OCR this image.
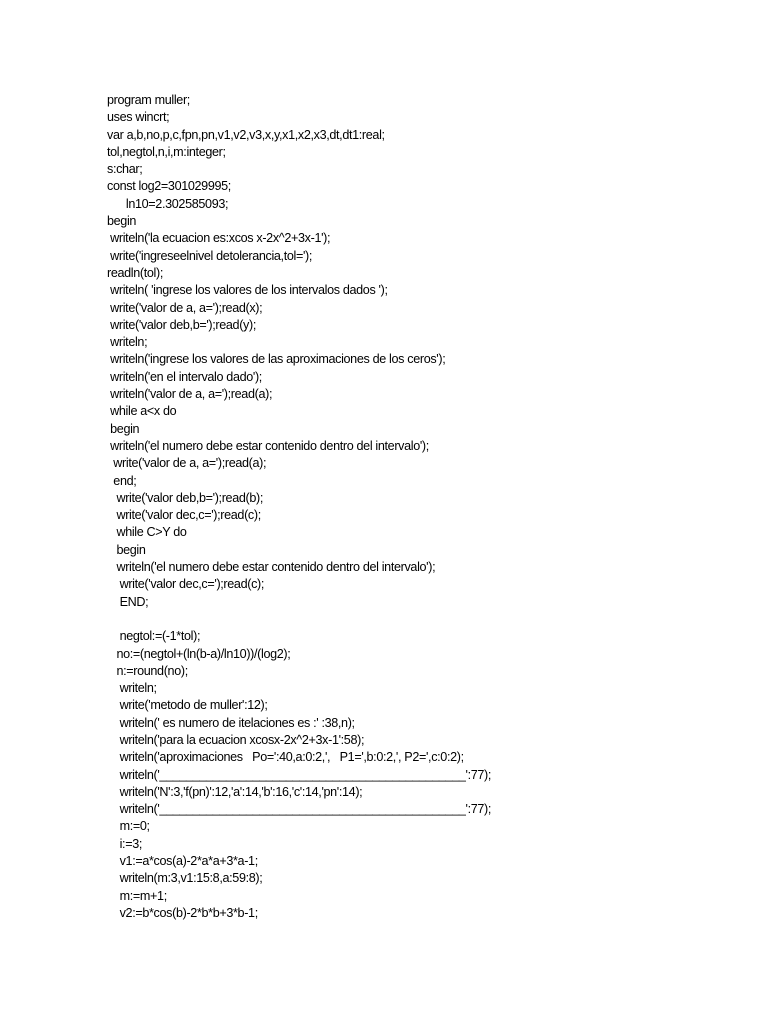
program muller;
uses wincrt;
var a,b,no,p,c,fpn,pn,v1,v2,v3,x,y,x1,x2,x3,dt,dt1:real;
tol,negtol,n,i,m:integer;
s:char;
const log2=301029995;
ln10=2.302585093;
begin
writeln('la ecuacion es:xcos x-2x^2+3x-1');
write('ingreseelnivel detolerancia,tol=');
readln(tol);
writeln( 'ingrese los valores de los intervalos dados ');
write('valor de a, a=');read(x);
write('valor deb,b=');read(y);
writeln;
writeln('ingrese los valores de las aproximaciones de los ceros');
writeln('en el intervalo dado');
writeln('valor de a, a=');read(a);
while a<x do
begin
writeln('el numero debe estar contenido dentro del intervalo');
write('valor de a, a=');read(a);
end;
write('valor deb,b=');read(b);
write('valor dec,c=');read(c);
while C>Y do
begin
writeln('el numero debe estar contenido dentro del intervalo');
write('valor dec,c=');read(c);
END;
negtol:=(-1*tol);
no:=(negtol+(ln(b-a)/ln10))/(log2);
n:=round(no);
writeln;
write('metodo de muller':12);
writeln(' es numero de itelaciones es :' :38,n);
writeln('para la ecuacion xcosx-2x^2+3x-1':58);
writeln('aproximaciones   Po=':40,a:0:2,',   P1=',b:0:2,', P2=',c:0:2);
writeln('______________________________________________':77);
writeln('N':3,'f(pn)':12,'a':14,'b':16,'c':14,'pn':14);
writeln('______________________________________________':77);
m:=0;
i:=3;
v1:=a*cos(a)-2*a*a+3*a-1;
writeln(m:3,v1:15:8,a:59:8);
m:=m+1;
v2:=b*cos(b)-2*b*b+3*b-1;
